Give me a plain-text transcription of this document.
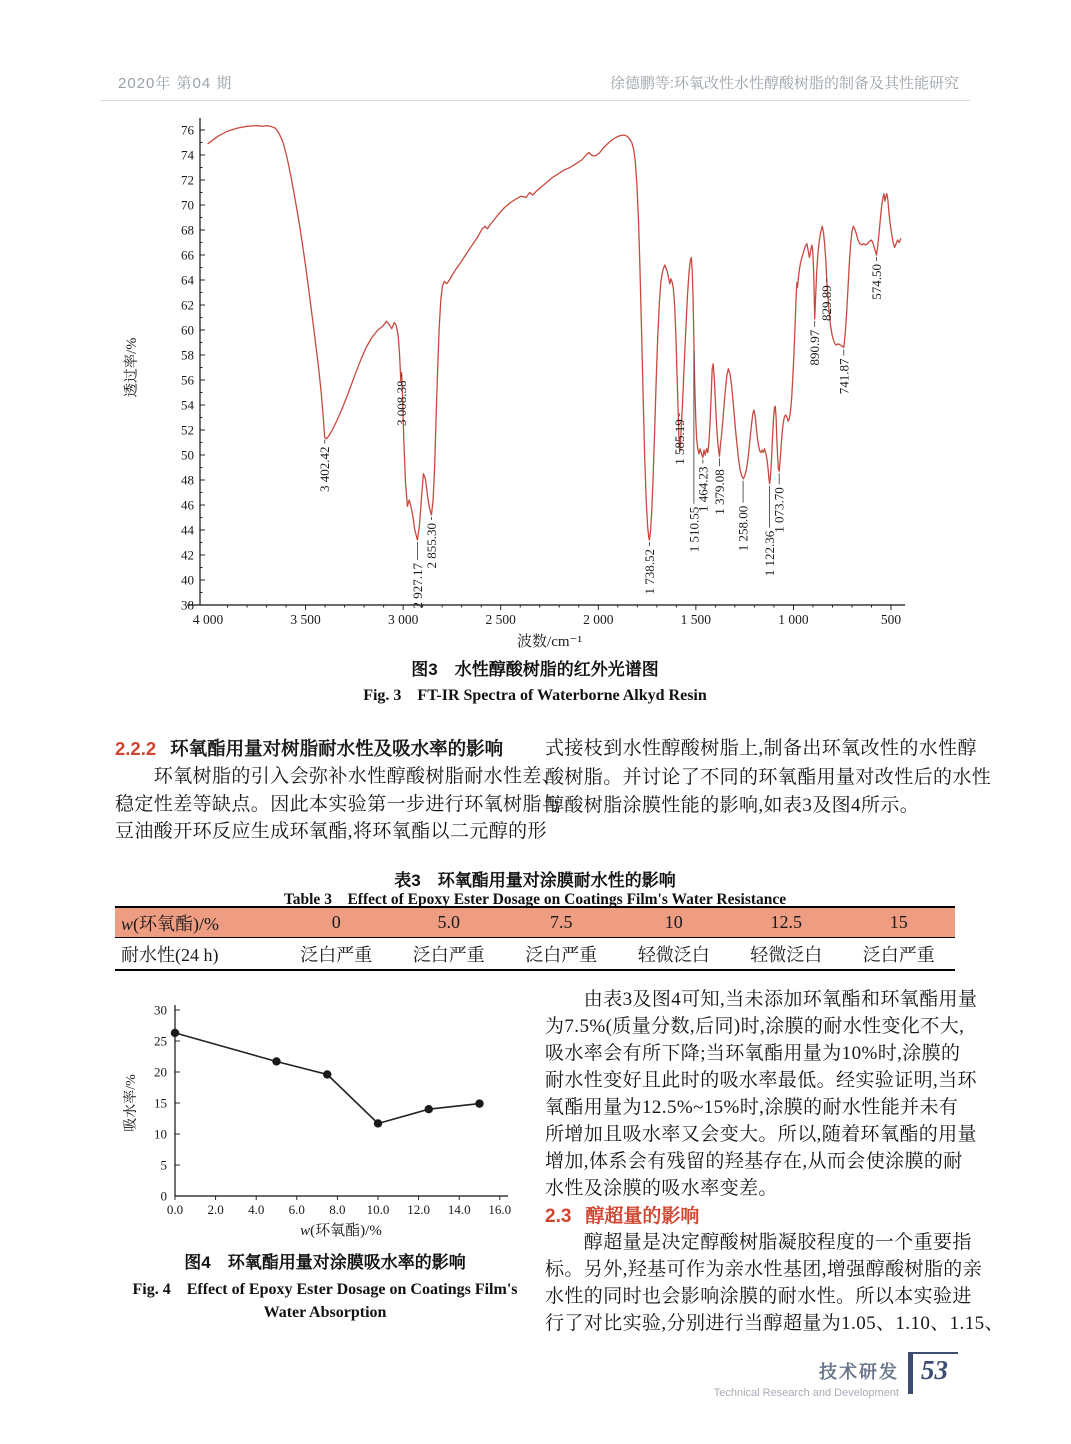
2020年 第04 期	徐德鹏等:环氧改性水性醇酸树脂的制备及其性能研究
38
40
42
44
46
48
50
52
54
56
58
60
62
64
66
68
70
72
74
76
4 000	3 500	3 000	2 500	2 000	1 500	1 000	500
透过率/%
波数/cm⁻¹
3 402.42
3 008.38
2 927.17
2 855.30
1 738.52
1 585.19
1 510.55
1 464.23 1 379.08
1 258.00
1 122.36
1 073.70
890.97
829.89
741.87
574.50
图3　水性醇酸树脂的红外光谱图
Fig. 3　FT-IR Spectra of Waterborne Alkyd Resin
2.2.2 环氧酯用量对树脂耐水性及吸水率的影响
　　环氧树脂的引入会弥补水性醇酸树脂耐水性差、
稳定性差等缺点。因此本实验第一步进行环氧树脂与
豆油酸开环反应生成环氧酯,将环氧酯以二元醇的形
式接枝到水性醇酸树脂上,制备出环氧改性的水性醇
酸树脂。并讨论了不同的环氧酯用量对改性后的水性
醇酸树脂涂膜性能的影响,如表3及图4所示。
表3　环氧酯用量对涂膜耐水性的影响
Table 3　Effect of Epoxy Ester Dosage on Coatings Film's Water Resistance
w(环氧酯)/%	0	5.0	7.5	10	12.5	15
耐水性(24 h)	泛白严重	泛白严重	泛白严重	轻微泛白	轻微泛白	泛白严重
0
5
10
15
20
25
30
0.0 2.0 4.0 6.0 8.0 10.0 12.0 14.0 16.0
吸水率/%
w(环氧酯)/%
图4　环氧酯用量对涂膜吸水率的影响
Fig. 4　Effect of Epoxy Ester Dosage on Coatings Film's
Water Absorption
　　由表3及图4可知,当未添加环氧酯和环氧酯用量
为7.5%(质量分数,后同)时,涂膜的耐水性变化不大,
吸水率会有所下降;当环氧酯用量为10%时,涂膜的
耐水性变好且此时的吸水率最低。经实验证明,当环
氧酯用量为12.5%~15%时,涂膜的耐水性能并未有
所增加且吸水率又会变大。所以,随着环氧酯的用量
增加,体系会有残留的羟基存在,从而会使涂膜的耐
水性及涂膜的吸水率变差。
2.3 醇超量的影响
　　醇超量是决定醇酸树脂凝胶程度的一个重要指
标。另外,羟基可作为亲水性基团,增强醇酸树脂的亲
水性的同时也会影响涂膜的耐水性。所以本实验进
行了对比实验,分别进行当醇超量为1.05、1.10、1.15、
技术研发
Technical Research and Development
53
